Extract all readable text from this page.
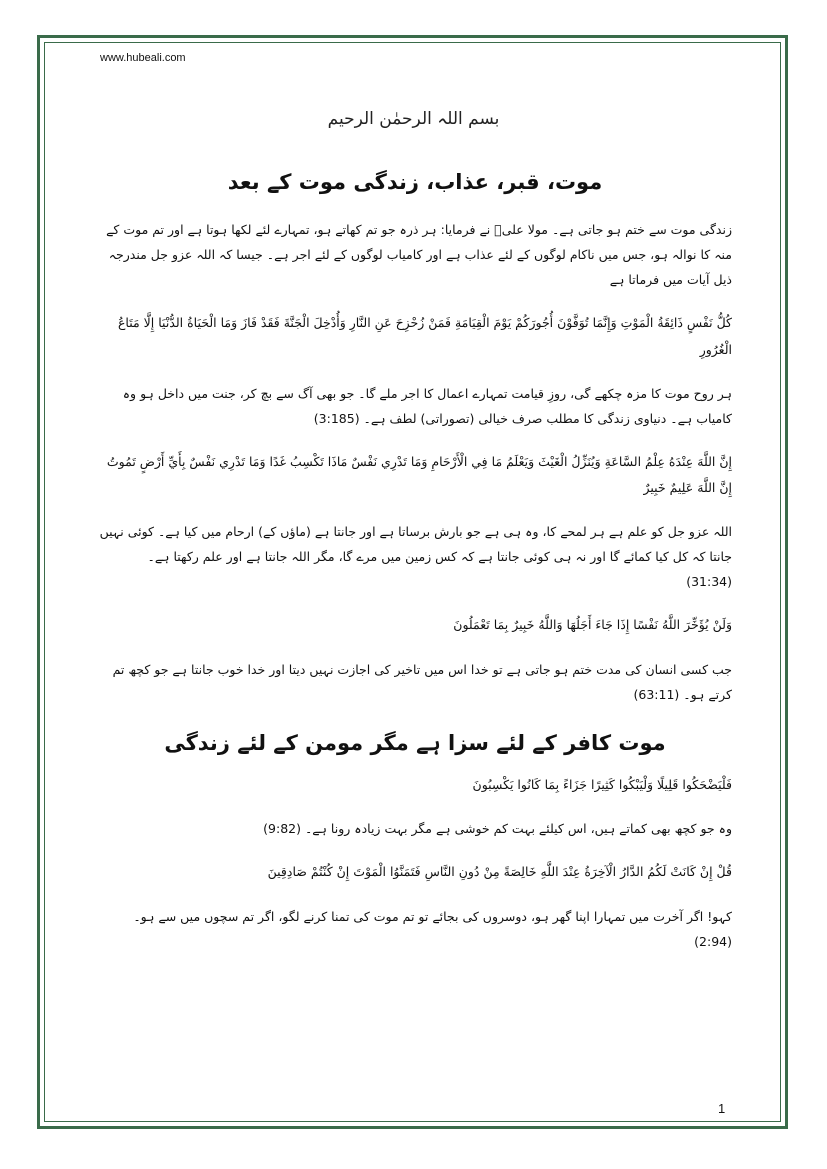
www.hubeali.com
بسم اللہ الرحمٰن الرحیم
موت، قبر، عذاب، زندگی موت کے بعد
زندگی موت سے ختم ہو جاتی ہے۔ مولا علیؑ نے فرمایا: ہر ذرہ جو تم کھاتے ہو، تمہارے لئے لکھا ہوتا ہے اور تم موت کے منہ کا نوالہ ہو، جس میں ناکام لوگوں کے لئے عذاب ہے اور کامیاب لوگوں کے لئے اجر ہے۔ جیسا کہ اللہ عزو جل مندرجہ ذیل آیات میں فرماتا ہے
كُلُّ نَفْسٍ ذَائِقَةُ الْمَوْتِ وَإِنَّمَا تُوَفَّوْنَ أُجُورَكُمْ يَوْمَ الْقِيَامَةِ فَمَنْ زُحْزِحَ عَنِ النَّارِ وَأُدْخِلَ الْجَنَّةَ فَقَدْ فَازَ وَمَا الْحَيَاةُ الدُّنْيَا إِلَّا مَتَاعُ الْغُرُورِ
ہر روح موت کا مزہ چکھے گی، روزِ قیامت تمہارے اعمال کا اجر ملے گا۔ جو بھی آگ سے بچ کر، جنت میں داخل ہو وہ کامیاب ہے۔ دنیاوی زندگی کا مطلب صرف خیالی (تصوراتی) لطف ہے۔ (3:185)
إِنَّ اللَّهَ عِنْدَهُ عِلْمُ السَّاعَةِ وَيُنَزِّلُ الْغَيْثَ وَيَعْلَمُ مَا فِي الْأَرْحَامِ وَمَا تَدْرِي نَفْسٌ مَاذَا تَكْسِبُ غَدًا وَمَا تَدْرِي نَفْسٌ بِأَيِّ أَرْضٍ تَمُوتُ إِنَّ اللَّهَ عَلِيمٌ خَبِيرٌ
اللہ عزو جل کو علم ہے ہر لمحے کا، وہ ہی ہے جو بارش برساتا ہے اور جانتا ہے (ماؤں کے) ارحام میں کیا ہے۔ کوئی نہیں جانتا کہ کل کیا کمائے گا اور نہ ہی کوئی جانتا ہے کہ کس زمین میں مرے گا، مگر اللہ جانتا ہے اور علم رکھتا ہے۔ (31:34)
وَلَنْ يُؤَخِّرَ اللَّهُ نَفْسًا إِذَا جَاءَ أَجَلُهَا وَاللَّهُ خَبِيرٌ بِمَا تَعْمَلُونَ
جب کسی انسان کی مدت ختم ہو جاتی ہے تو خدا اس میں تاخیر کی اجازت نہیں دیتا اور خدا خوب جانتا ہے جو کچھ تم کرتے ہو۔ (63:11)
موت کافر کے لئے سزا ہے مگر مومن کے لئے زندگی
فَلْيَضْحَكُوا قَلِيلًا وَلْيَبْكُوا كَثِيرًا جَزَاءً بِمَا كَانُوا يَكْسِبُونَ
وہ جو کچھ بھی کماتے ہیں، اس کیلئے بہت کم خوشی ہے مگر بہت زیادہ رونا ہے۔ (9:82)
قُلْ إِنْ كَانَتْ لَكُمُ الدَّارُ الْآخِرَةُ عِنْدَ اللَّهِ خَالِصَةً مِنْ دُونِ النَّاسِ فَتَمَنَّوُا الْمَوْتَ إِنْ كُنْتُمْ صَادِقِينَ
کہو! اگر آخرت میں تمہارا اپنا گھر ہو، دوسروں کی بجائے تو تم موت کی تمنا کرنے لگو، اگر تم سچوں میں سے ہو۔ (2:94)
1
